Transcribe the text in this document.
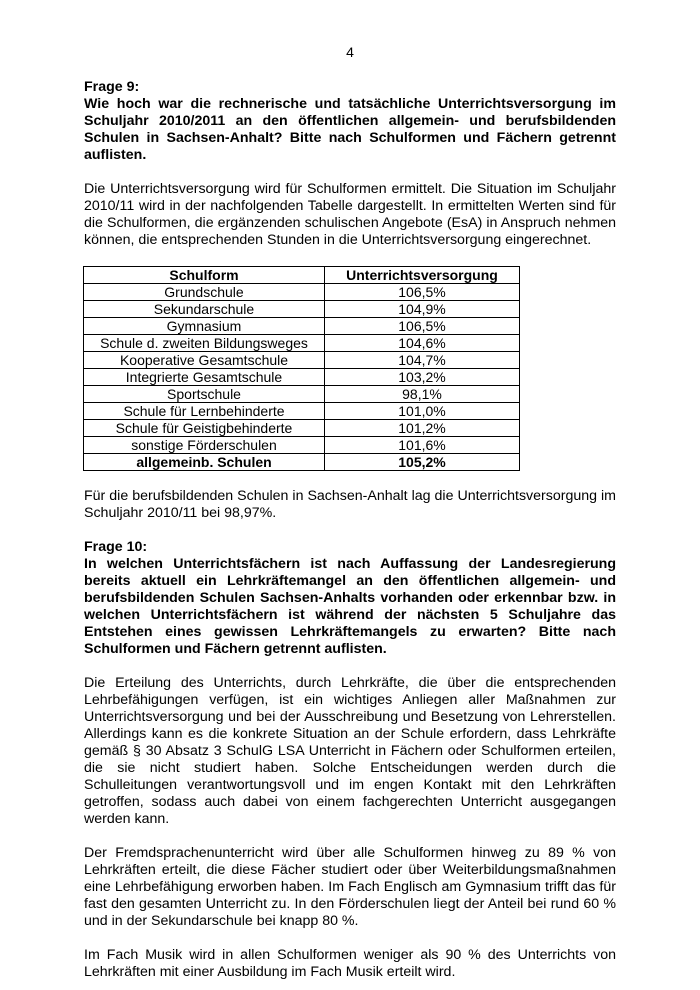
4
Frage 9:

Wie hoch war die rechnerische und tatsächliche Unterrichtsversorgung im Schuljahr 2010/2011 an den öffentlichen allgemein- und berufsbildenden Schulen in Sachsen-Anhalt? Bitte nach Schulformen und Fächern getrennt auflisten.

Die Unterrichtsversorgung wird für Schulformen ermittelt. Die Situation im Schuljahr 2010/11 wird in der nachfolgenden Tabelle dargestellt. In ermittelten Werten sind für die Schulformen, die ergänzenden schulischen Angebote (EsA) in Anspruch nehmen können, die entsprechenden Stunden in die Unterrichtsversorgung eingerechnet.

Schulform	Unterrichtsversorgung
Grundschule	106,5%
Sekundarschule	104,9%
Gymnasium	106,5%
Schule d. zweiten Bildungsweges	104,6%
Kooperative Gesamtschule	104,7%
Integrierte Gesamtschule	103,2%
Sportschule	98,1%
Schule für Lernbehinderte	101,0%
Schule für Geistigbehinderte	101,2%
sonstige Förderschulen	101,6%
allgemeinb. Schulen	105,2%

Für die berufsbildenden Schulen in Sachsen-Anhalt lag die Unterrichtsversorgung im Schuljahr 2010/11 bei 98,97%.

Frage 10:

In welchen Unterrichtsfächern ist nach Auffassung der Landesregierung bereits aktuell ein Lehrkräftemangel an den öffentlichen allgemein- und berufsbildenden Schulen Sachsen-Anhalts vorhanden oder erkennbar bzw. in welchen Unterrichtsfächern ist während der nächsten 5 Schuljahre das Entstehen eines gewissen Lehrkräftemangels zu erwarten? Bitte nach Schulformen und Fächern getrennt auflisten.

Die Erteilung des Unterrichts, durch Lehrkräfte, die über die entsprechenden Lehrbefähigungen verfügen, ist ein wichtiges Anliegen aller Maßnahmen zur Unterrichtsversorgung und bei der Ausschreibung und Besetzung von Lehrerstellen. Allerdings kann es die konkrete Situation an der Schule erfordern, dass Lehrkräfte gemäß § 30 Absatz 3 SchulG LSA Unterricht in Fächern oder Schulformen erteilen, die sie nicht studiert haben. Solche Entscheidungen werden durch die Schulleitungen verantwortungsvoll und im engen Kontakt mit den Lehrkräften getroffen, sodass auch dabei von einem fachgerechten Unterricht ausgegangen werden kann.

Der Fremdsprachenunterricht wird über alle Schulformen hinweg zu 89 % von Lehrkräften erteilt, die diese Fächer studiert oder über Weiterbildungsmaßnahmen eine Lehrbefähigung erworben haben. Im Fach Englisch am Gymnasium trifft das für fast den gesamten Unterricht zu. In den Förderschulen liegt der Anteil bei rund 60 % und in der Sekundarschule bei knapp 80 %.

Im Fach Musik wird in allen Schulformen weniger als 90 % des Unterrichts von Lehrkräften mit einer Ausbildung im Fach Musik erteilt wird.
